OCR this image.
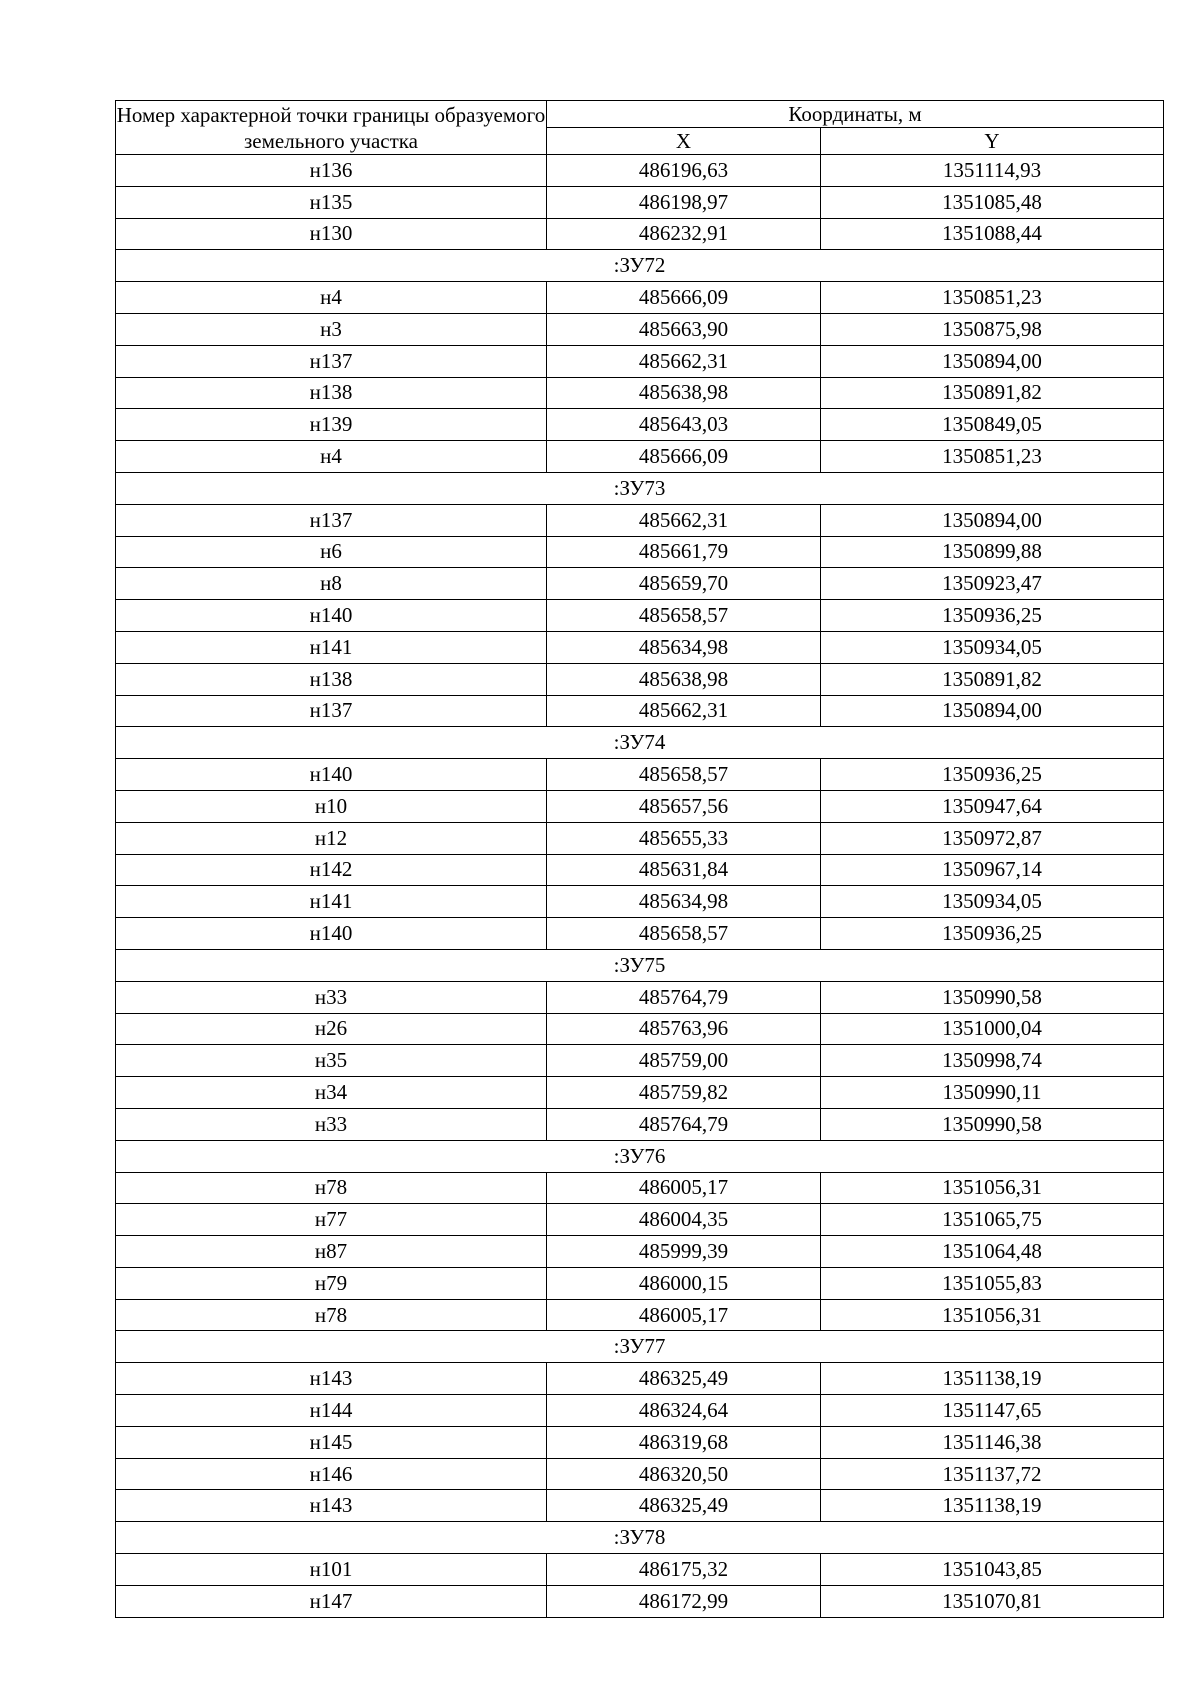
Номер характерной точки границы образуемого земельного участка	Координаты, м	
	X	Y
н136	486196,63	1351114,93
н135	486198,97	1351085,48
н130	486232,91	1351088,44
:ЗУ72		
н4	485666,09	1350851,23
н3	485663,90	1350875,98
н137	485662,31	1350894,00
н138	485638,98	1350891,82
н139	485643,03	1350849,05
н4	485666,09	1350851,23
:ЗУ73		
н137	485662,31	1350894,00
н6	485661,79	1350899,88
н8	485659,70	1350923,47
н140	485658,57	1350936,25
н141	485634,98	1350934,05
н138	485638,98	1350891,82
н137	485662,31	1350894,00
:ЗУ74		
н140	485658,57	1350936,25
н10	485657,56	1350947,64
н12	485655,33	1350972,87
н142	485631,84	1350967,14
н141	485634,98	1350934,05
н140	485658,57	1350936,25
:ЗУ75		
н33	485764,79	1350990,58
н26	485763,96	1351000,04
н35	485759,00	1350998,74
н34	485759,82	1350990,11
н33	485764,79	1350990,58
:ЗУ76		
н78	486005,17	1351056,31
н77	486004,35	1351065,75
н87	485999,39	1351064,48
н79	486000,15	1351055,83
н78	486005,17	1351056,31
:ЗУ77		
н143	486325,49	1351138,19
н144	486324,64	1351147,65
н145	486319,68	1351146,38
н146	486320,50	1351137,72
н143	486325,49	1351138,19
:ЗУ78		
н101	486175,32	1351043,85
н147	486172,99	1351070,81
